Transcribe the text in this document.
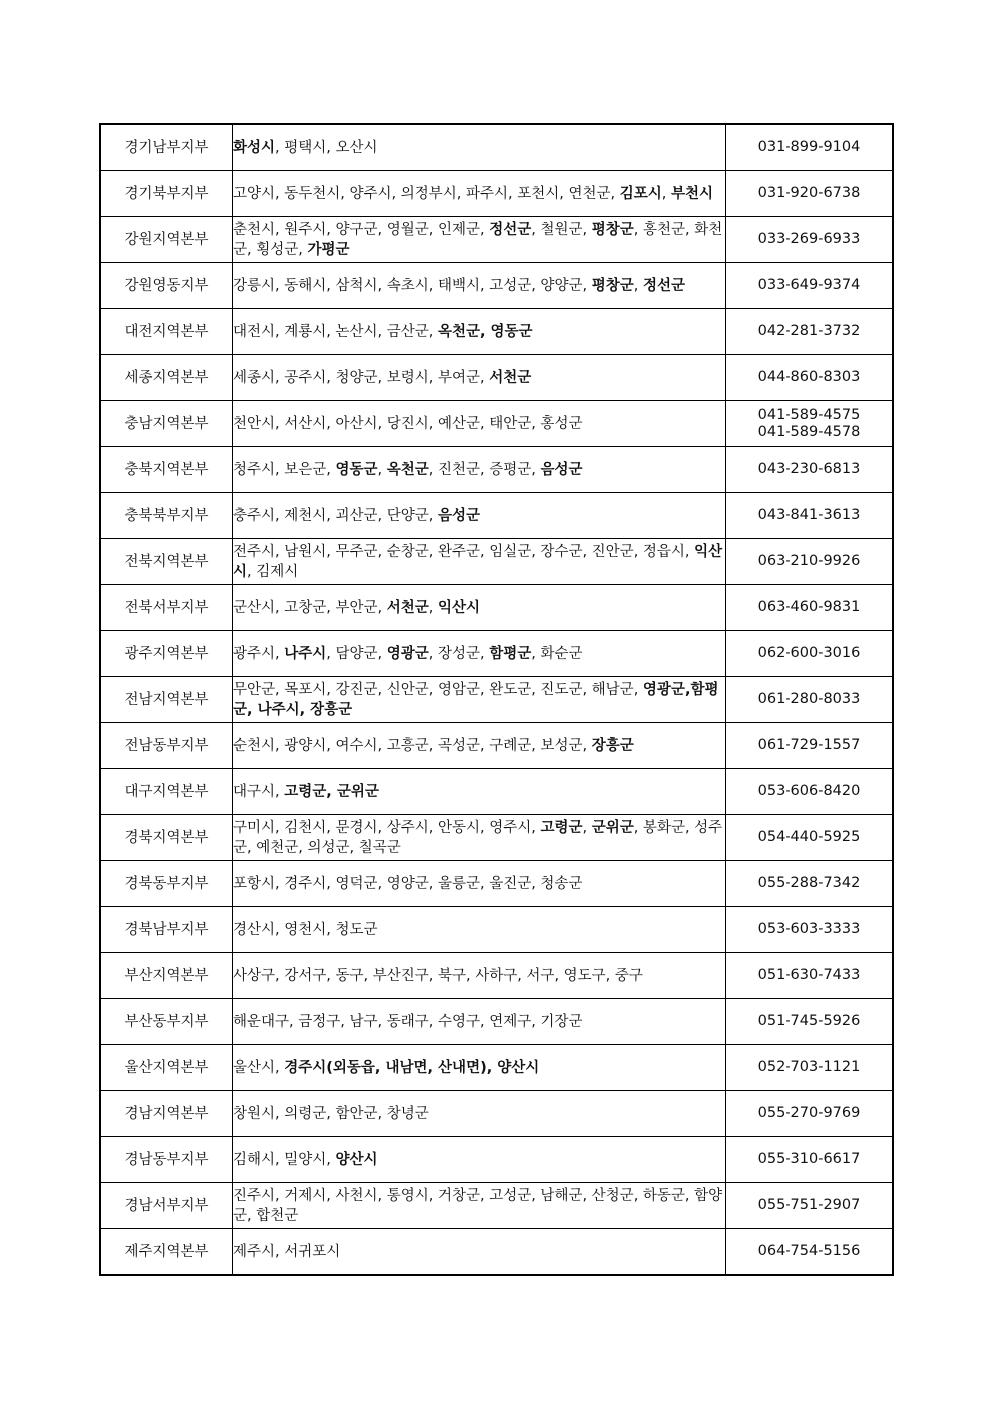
경기남부지부	화성시, 평택시, 오산시	031-899-9104

경기북부지부	고양시, 동두천시, 양주시, 의정부시, 파주시, 포천시, 연천군, 김포시, 부천시	031-920-6738

강원지역본부	춘천시, 원주시, 양구군, 영월군, 인제군, 정선군, 철원군, 평창군, 홍천군, 화천군, 횡성군, 가평군	033-269-6933

강원영동지부	강릉시, 동해시, 삼척시, 속초시, 태백시, 고성군, 양양군, 평창군, 정선군	033-649-9374

대전지역본부	대전시, 계룡시, 논산시, 금산군, 옥천군, 영동군	042-281-3732

세종지역본부	세종시, 공주시, 청양군, 보령시, 부여군, 서천군	044-860-8303

충남지역본부	천안시, 서산시, 아산시, 당진시, 예산군, 태안군, 홍성군	041-589-4575
041-589-4578

충북지역본부	청주시, 보은군, 영동군, 옥천군, 진천군, 증평군, 음성군	043-230-6813

충북북부지부	충주시, 제천시, 괴산군, 단양군, 음성군	043-841-3613

전북지역본부	전주시, 남원시, 무주군, 순창군, 완주군, 임실군, 장수군, 진안군, 정읍시, 익산시, 김제시	063-210-9926

전북서부지부	군산시, 고창군, 부안군, 서천군, 익산시	063-460-9831

광주지역본부	광주시, 나주시, 담양군, 영광군, 장성군, 함평군, 화순군	062-600-3016

전남지역본부	무안군, 목포시, 강진군, 신안군, 영암군, 완도군, 진도군, 해남군, 영광군,함평군, 나주시, 장흥군	061-280-8033

전남동부지부	순천시, 광양시, 여수시, 고흥군, 곡성군, 구례군, 보성군, 장흥군	061-729-1557

대구지역본부	대구시, 고령군, 군위군	053-606-8420

경북지역본부	구미시, 김천시, 문경시, 상주시, 안동시, 영주시, 고령군, 군위군, 봉화군, 성주군, 예천군, 의성군, 칠곡군	054-440-5925

경북동부지부	포항시, 경주시, 영덕군, 영양군, 울릉군, 울진군, 청송군	055-288-7342

경북남부지부	경산시, 영천시, 청도군	053-603-3333

부산지역본부	사상구, 강서구, 동구, 부산진구, 북구, 사하구, 서구, 영도구, 중구	051-630-7433

부산동부지부	해운대구, 금정구, 남구, 동래구, 수영구, 연제구, 기장군	051-745-5926

울산지역본부	울산시, 경주시(외동읍, 내남면, 산내면), 양산시	052-703-1121

경남지역본부	창원시, 의령군, 함안군, 창녕군	055-270-9769

경남동부지부	김해시, 밀양시, 양산시	055-310-6617

경남서부지부	진주시, 거제시, 사천시, 통영시, 거창군, 고성군, 남해군, 산청군, 하동군, 함양군, 합천군	055-751-2907

제주지역본부	제주시, 서귀포시	064-754-5156
